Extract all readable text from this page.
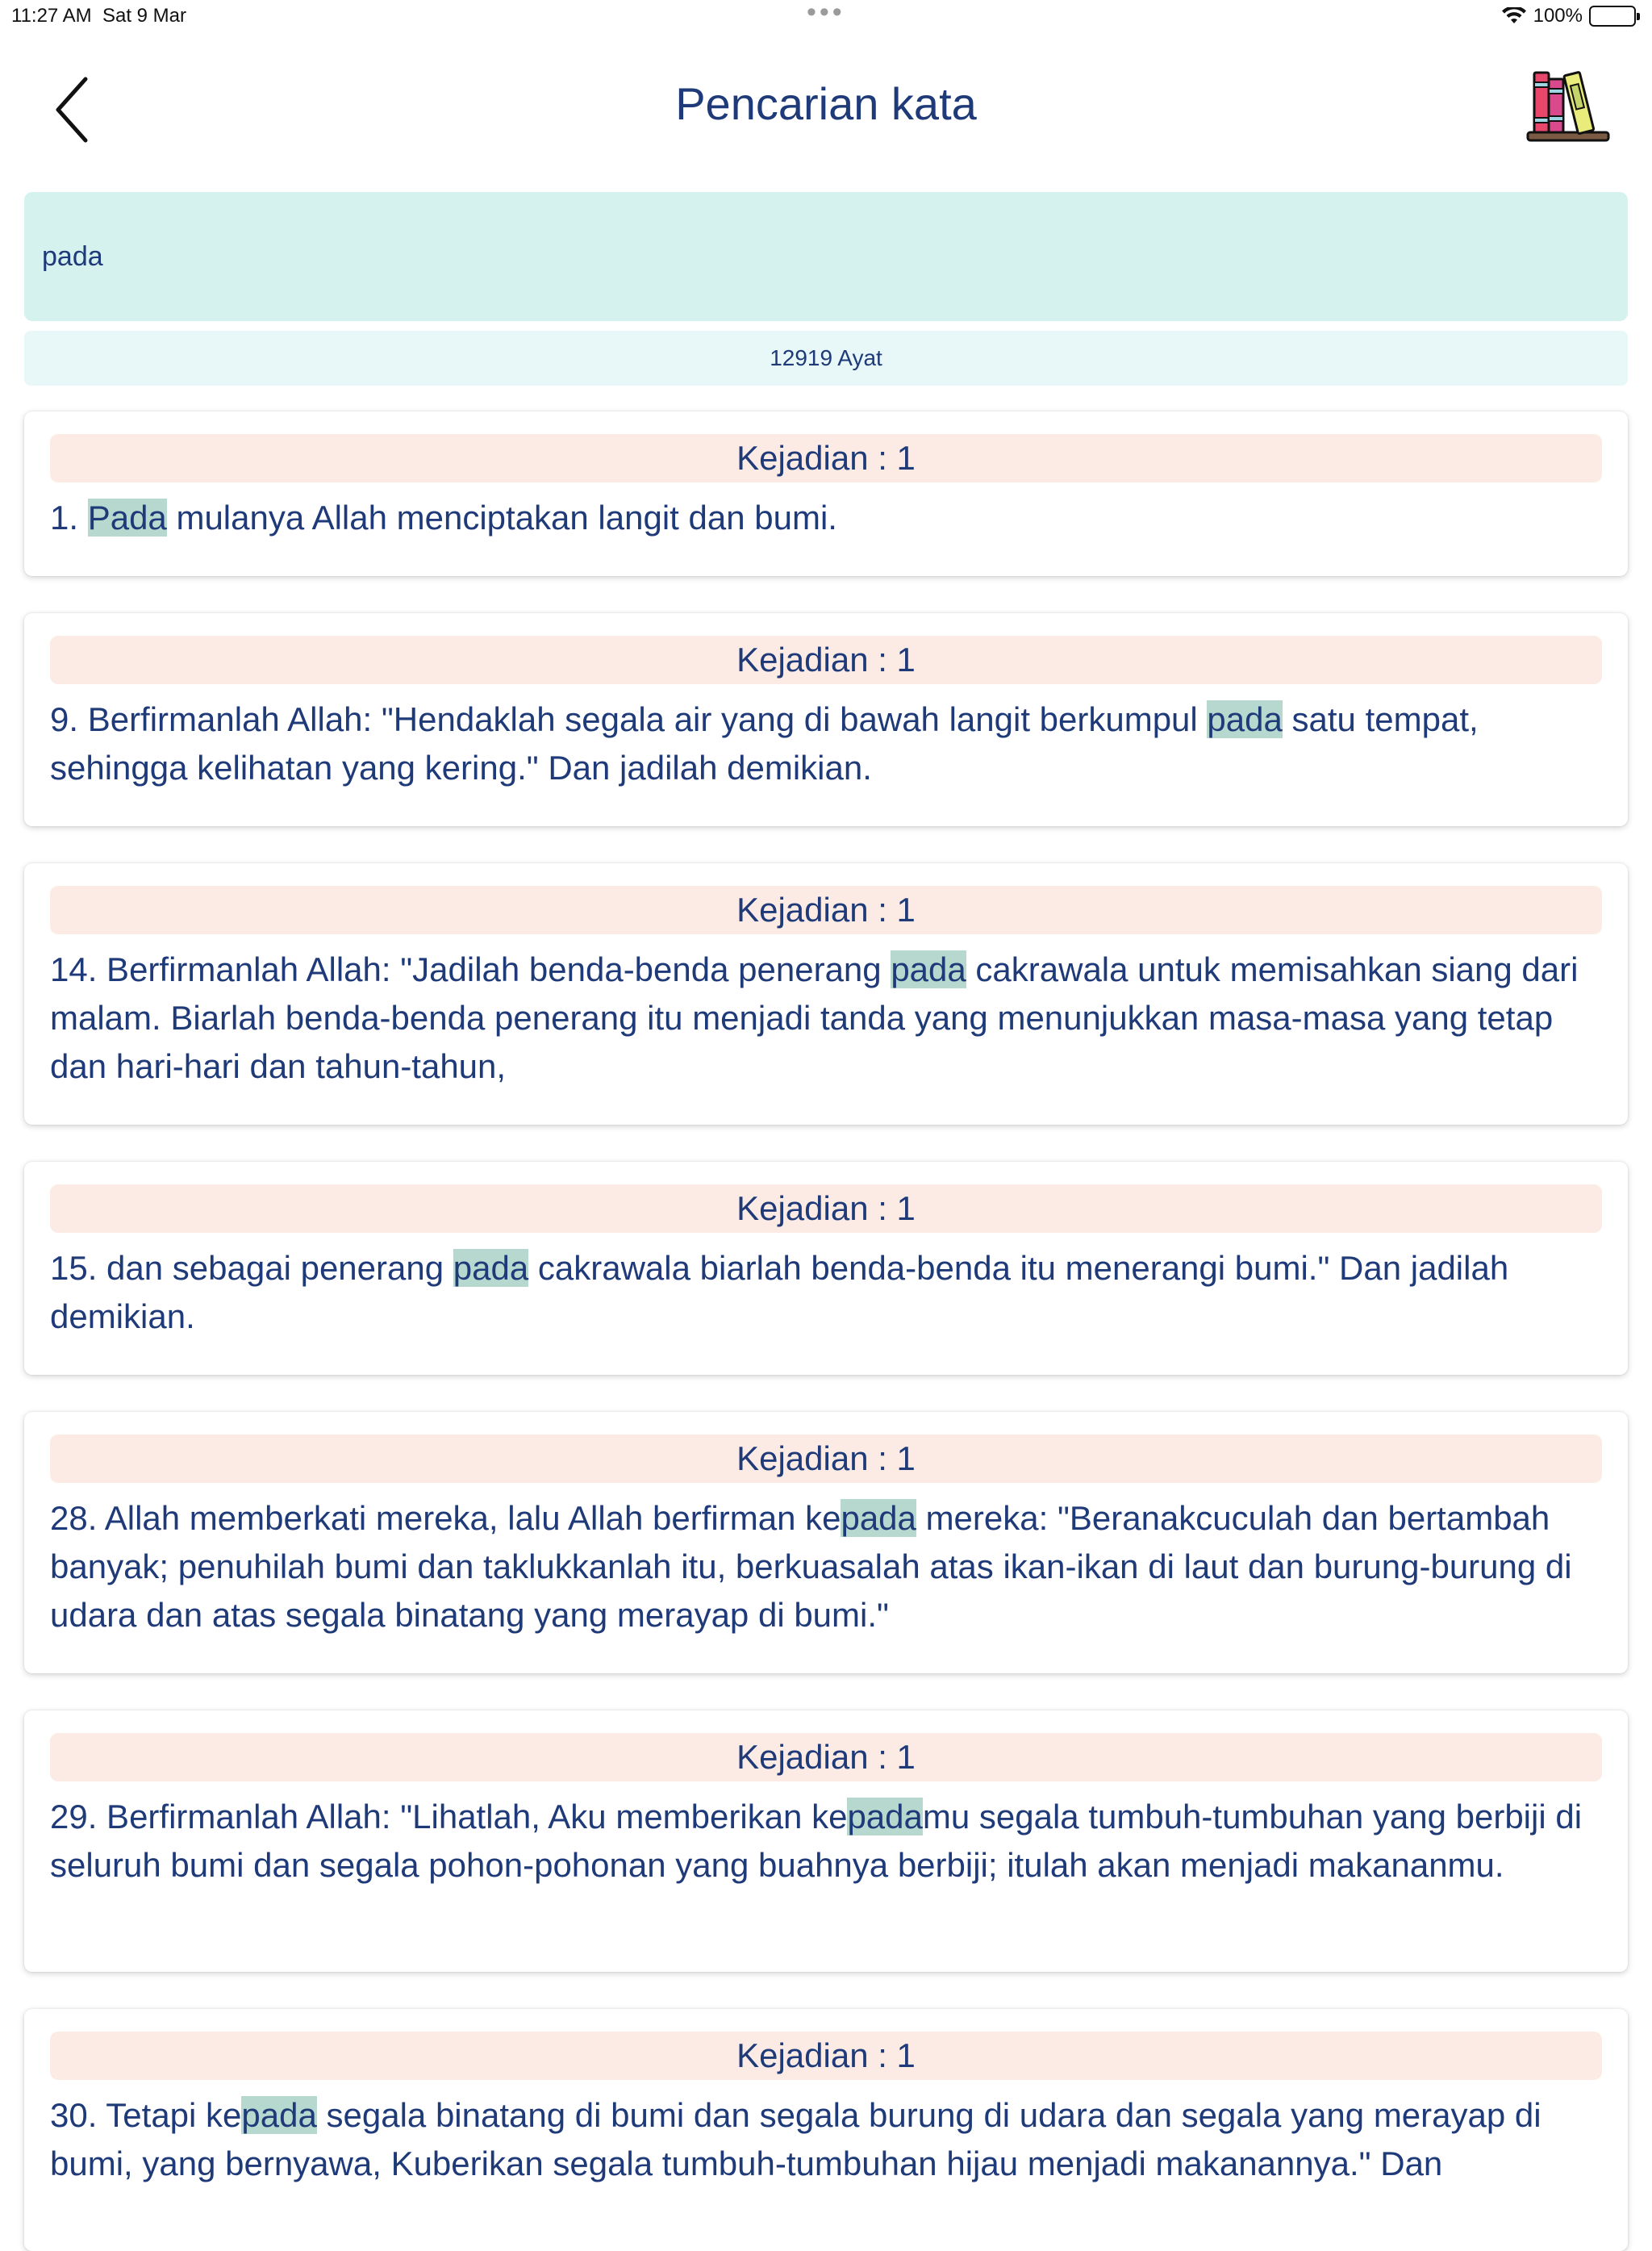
11:27 AM Sat 9 Mar	•••	100%
Pencarian kata
pada
12919 Ayat
Kejadian : 1
1. Pada mulanya Allah menciptakan langit dan bumi.
Kejadian : 1
9. Berfirmanlah Allah: "Hendaklah segala air yang di bawah langit berkumpul pada satu tempat, sehingga kelihatan yang kering." Dan jadilah demikian.
Kejadian : 1
14. Berfirmanlah Allah: "Jadilah benda-benda penerang pada cakrawala untuk memisahkan siang dari malam. Biarlah benda-benda penerang itu menjadi tanda yang menunjukkan masa-masa yang tetap dan hari-hari dan tahun-tahun,
Kejadian : 1
15. dan sebagai penerang pada cakrawala biarlah benda-benda itu menerangi bumi." Dan jadilah demikian.
Kejadian : 1
28. Allah memberkati mereka, lalu Allah berfirman kepada mereka: "Beranakcuculah dan bertambah banyak; penuhilah bumi dan taklukkanlah itu, berkuasalah atas ikan-ikan di laut dan burung-burung di udara dan atas segala binatang yang merayap di bumi."
Kejadian : 1
29. Berfirmanlah Allah: "Lihatlah, Aku memberikan kepadamu segala tumbuh-tumbuhan yang berbiji di seluruh bumi dan segala pohon-pohonan yang buahnya berbiji; itulah akan menjadi makananmu.
Kejadian : 1
30. Tetapi kepada segala binatang di bumi dan segala burung di udara dan segala yang merayap di bumi, yang bernyawa, Kuberikan segala tumbuh-tumbuhan hijau menjadi makanannya." Dan
